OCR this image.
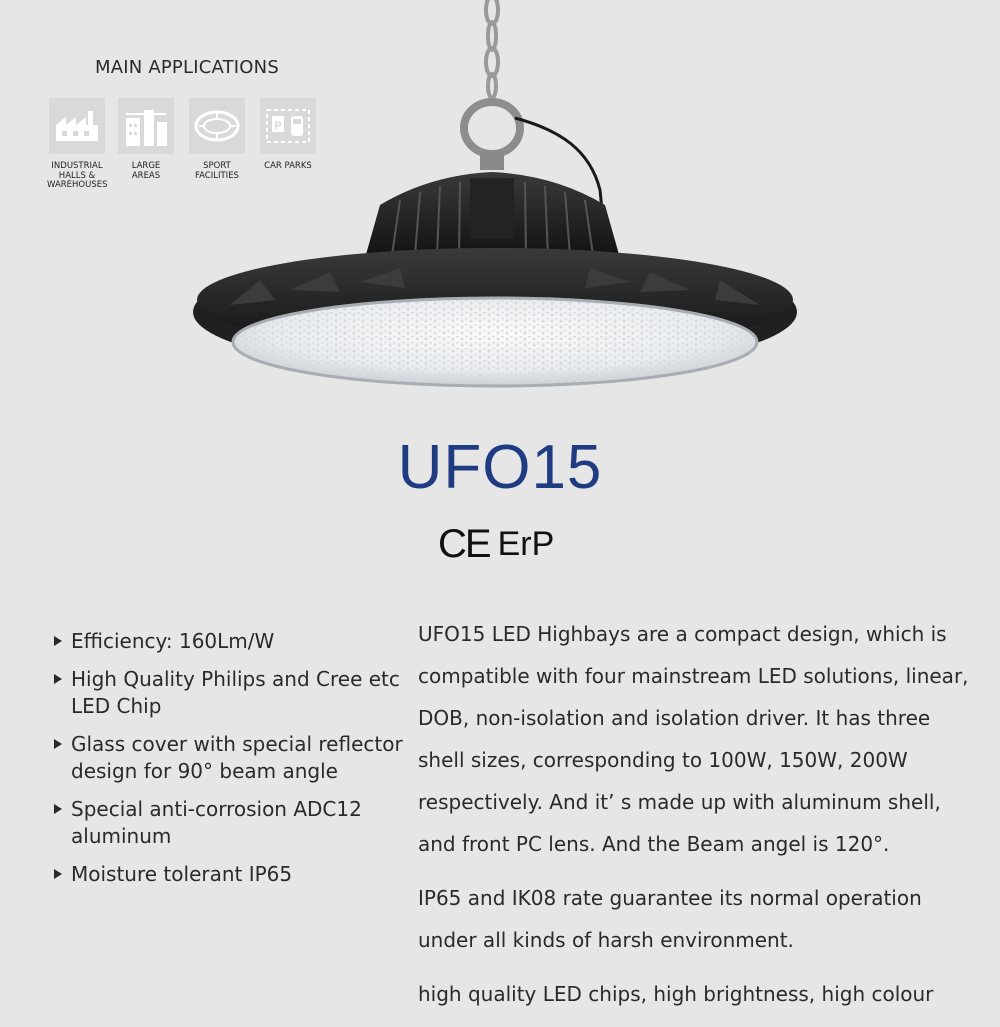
MAIN APPLICATIONS
INDUSTRIAL
HALLS &
WAREHOUSES
LARGE
AREAS
SPORT
FACILITIES
P
CAR PARKS
UFO15
CE ErP
Efficiency: 160Lm/W
High Quality Philips and Cree etc LED Chip
Glass cover with special reflector design for 90° beam angle
Special anti-corrosion ADC12 aluminum
Moisture tolerant IP65

UFO15 LED Highbays are a compact design, which is compatible with four mainstream LED solutions, linear, DOB, non-isolation and isolation driver. It has three shell sizes, corresponding to 100W, 150W, 200W respectively. And it’ s made up with aluminum shell, and front PC lens. And the Beam angel is 120°.

IP65 and IK08 rate guarantee its normal operation under all kinds of harsh environment.

high quality LED chips, high brightness, high colour
